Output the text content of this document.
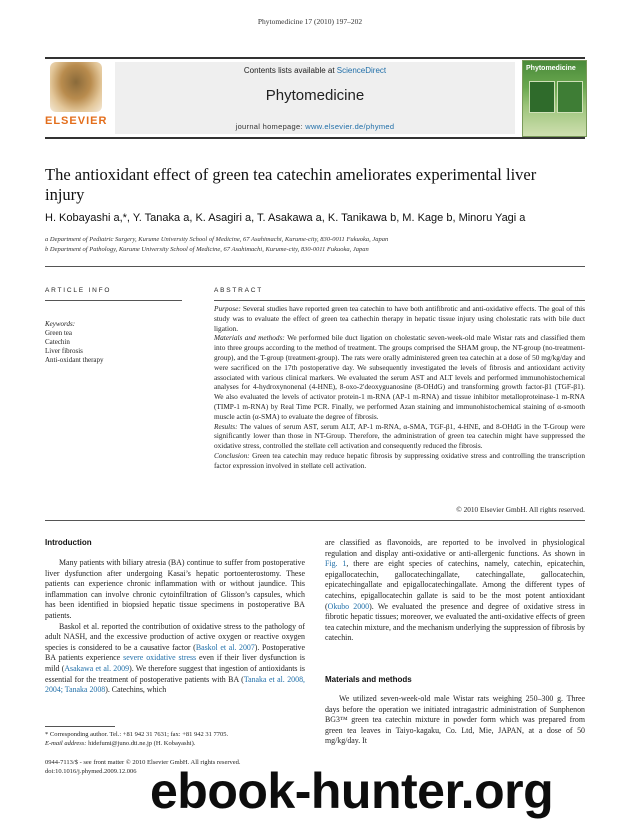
Phytomedicine 17 (2010) 197–202
ELSEVIER
Contents lists available at ScienceDirect
Phytomedicine
journal homepage: www.elsevier.de/phymed
Phytomedicine
The antioxidant effect of green tea catechin ameliorates experimental liver injury
H. Kobayashi a,*, Y. Tanaka a, K. Asagiri a, T. Asakawa a, K. Tanikawa b, M. Kage b, Minoru Yagi a
a Department of Pediatric Surgery, Kurume University School of Medicine, 67 Asahimachi, Kurume-city, 830-0011 Fukuoka, Japan
b Department of Pathology, Kurume University School of Medicine, 67 Asahimachi, Kurume-city, 830-0011 Fukuoka, Japan
ARTICLE INFO
Keywords:
Green tea
Catechin
Liver fibrosis
Anti-oxidant therapy
ABSTRACT

Purpose: Several studies have reported green tea catechin to have both antifibrotic and anti-oxidative effects. The goal of this study was to evaluate the effect of green tea cathechin therapy in hepatic tissue injury using cholestatic rats with bile duct ligation.

Materials and methods: We performed bile duct ligation on cholestatic seven-week-old male Wistar rats and classified them into three groups according to the method of treatment. The groups comprised the SHAM group, the NT-group (no-treatment-group), and the T-group (treatment-group). The rats were orally administered green tea catechin at a dose of 50 mg/kg/day and were sacrificed on the 17th postoperative day. We subsequently investigated the levels of fibrosis and antioxidant activity associated with various clinical markers. We evaluated the serum AST and ALT levels and performed immunohistochemical analyses for 4-hydroxynonenal (4-HNE), 8-oxo-2′deoxyguanosine (8-OHdG) and transforming growth factor-β1 (TGF-β1). We also evaluated the levels of activator protein-1 m-RNA (AP-1 m-RNA) and tissue inhibitor metalloproteinase-1 m-RNA (TIMP-1 m-RNA) by Real Time PCR. Finally, we performed Azan staining and immunohistochemical staining of α-smooth muscle actin (α-SMA) to evaluate the degree of fibrosis.

Results: The values of serum AST, serum ALT, AP-1 m-RNA, α-SMA, TGF-β1, 4-HNE, and 8-OHdG in the T-Group were significantly lower than those in NT-Group. Therefore, the administration of green tea catechin might have suppressed the oxidative stress, controlled the stellate cell activation and consequently reduced the fibrosis.

Conclusion: Green tea catechin may reduce hepatic fibrosis by suppressing oxidative stress and controlling the transcription factor expression involved in stellate cell activation.

© 2010 Elsevier GmbH. All rights reserved.
Introduction

Many patients with biliary atresia (BA) continue to suffer from postoperative liver dysfunction after undergoing Kasai’s hepatic portoenterostomy. These patients can experience chronic inflammation with or without jaundice. This inflammation can involve chronic cytoinfiltration of Glisson’s capsules, which has been identified in biopsied hepatic tissue specimens in postoperative BA patients.

Baskol et al. reported the contribution of oxidative stress to the pathology of adult NASH, and the excessive production of active oxygen or reactive oxygen species is considered to be a causative factor (Baskol et al. 2007). Postoperative BA patients experience severe oxidative stress even if their liver dysfunction is mild (Asakawa et al. 2009). We therefore suggest that ingestion of antioxidants is essential for the treatment of postoperative patients with BA (Tanaka et al. 2008, 2004; Tanaka 2008). Catechins, which

are classified as flavonoids, are reported to be involved in physiological regulation and display anti-oxidative or anti-allergenic functions. As shown in Fig. 1, there are eight species of catechins, namely, catechin, epicatechin, epigallocatechin, gallocatechingallate, catechingallate, gallocatechin, epicatechingallate and epigallocatechingallate. Among the different types of catechins, epigallocatechin gallate is said to be the most potent antioxidant (Okubo 2000). We evaluated the presence and degree of oxidative stress in fibrotic hepatic tissues; moreover, we evaluated the anti-oxidative effects of green tea catechin mixture, and the mechanism underlying the suppression of fibrosis by catechin.

Materials and methods

We utilized seven-week-old male Wistar rats weighing 250–300 g. Three days before the operation we initiated intragastric administration of Sunphenon BG3™ green tea catechin mixture in powder form which was prepared from green tea leaves in Taiyo-kagaku, Co. Ltd, Mie, JAPAN, at a dose of 50 mg/kg/day. It

* Corresponding author. Tel.: +81 942 31 7631; fax: +81 942 31 7705.
E-mail address: hidefumi@juno.dti.ne.jp (H. Kobayashi).
0944-7113/$ - see front matter © 2010 Elsevier GmbH. All rights reserved.
doi:10.1016/j.phymed.2009.12.006 ebook-hunter.org
